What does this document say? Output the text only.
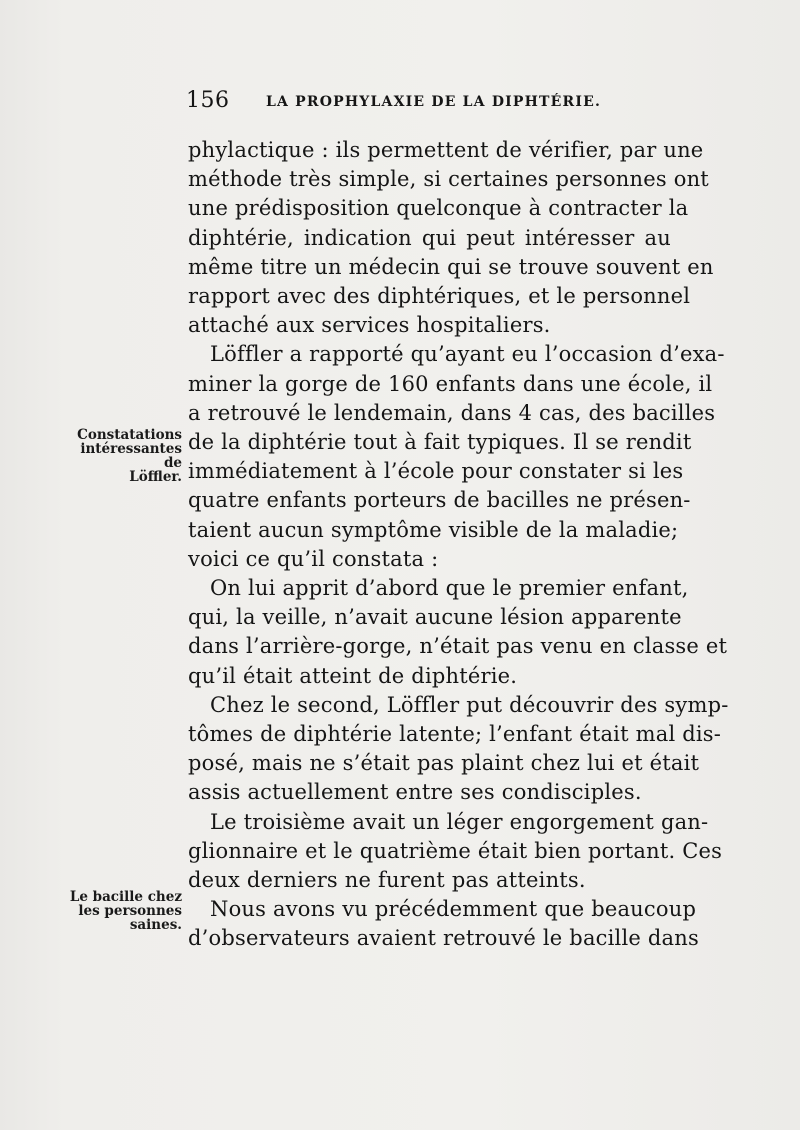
156	LA PROPHYLAXIE DE LA DIPHTÉRIE.
Constatations
intéressantes de
Löffler.
Le bacille chez
les personnes
saines.

phylactique : ils permettent de vérifier, par une
méthode très simple, si certaines personnes ont
une prédisposition quelconque à contracter la
diphtérie, indication qui peut intéresser au
même titre un médecin qui se trouve souvent en
rapport avec des diphtériques, et le personnel
attaché aux services hospitaliers.

Löffler a rapporté qu’ayant eu l’occasion d’exa-
miner la gorge de 160 enfants dans une école, il
a retrouvé le lendemain, dans 4 cas, des bacilles
de la diphtérie tout à fait typiques. Il se rendit
immédiatement à l’école pour constater si les
quatre enfants porteurs de bacilles ne présen-
taient aucun symptôme visible de la maladie;
voici ce qu’il constata :

On lui apprit d’abord que le premier enfant,
qui, la veille, n’avait aucune lésion apparente
dans l’arrière-gorge, n’était pas venu en classe et
qu’il était atteint de diphtérie.

Chez le second, Löffler put découvrir des symp-
tômes de diphtérie latente; l’enfant était mal dis-
posé, mais ne s’était pas plaint chez lui et était
assis actuellement entre ses condisciples.

Le troisième avait un léger engorgement gan-
glionnaire et le quatrième était bien portant. Ces
deux derniers ne furent pas atteints.

Nous avons vu précédemment que beaucoup
d’observateurs avaient retrouvé le bacille dans
